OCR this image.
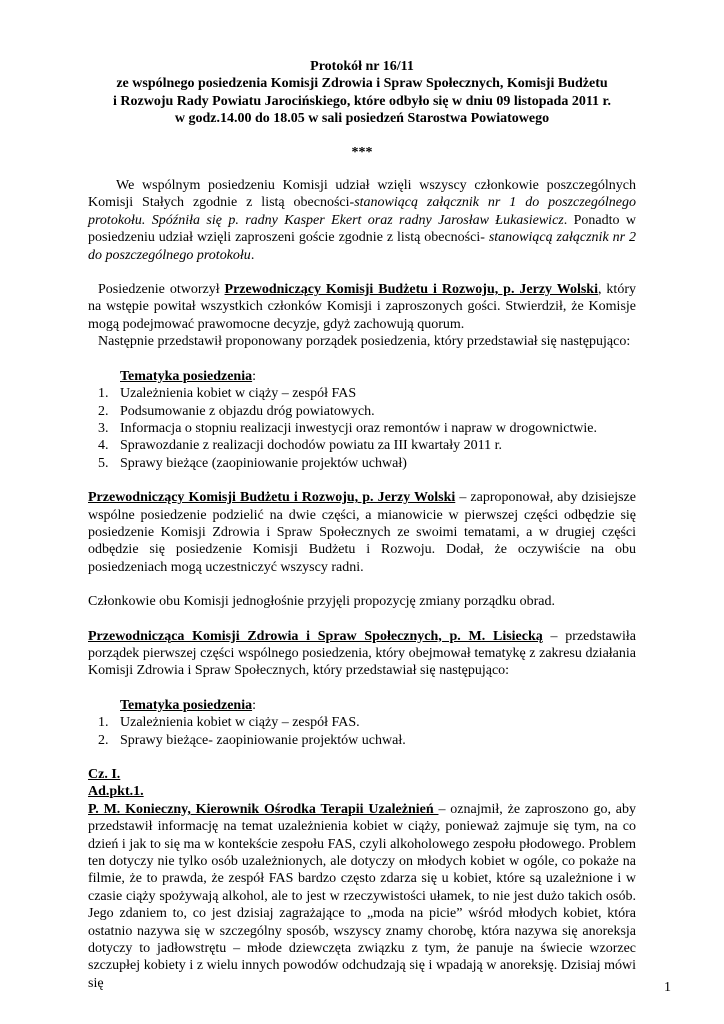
Protokół nr 16/11
ze wspólnego posiedzenia Komisji Zdrowia i Spraw Społecznych, Komisji Budżetu
i Rozwoju Rady Powiatu Jarocińskiego, które odbyło się w dniu 09 listopada 2011 r.
w godz.14.00 do 18.05 w sali posiedzeń Starostwa Powiatowego
***

We wspólnym posiedzeniu Komisji udział wzięli wszyscy członkowie poszczególnych Komisji Stałych zgodnie z listą obecności-stanowiącą załącznik nr 1 do poszczególnego protokołu. Spóźniła się p. radny Kasper Ekert oraz radny Jarosław Łukasiewicz. Ponadto w posiedzeniu udział wzięli zaproszeni goście zgodnie z listą obecności- stanowiącą załącznik nr 2 do poszczególnego protokołu.

Posiedzenie otworzył Przewodniczący Komisji Budżetu i Rozwoju, p. Jerzy Wolski, który na wstępie powitał wszystkich członków Komisji i zaproszonych gości. Stwierdził, że Komisje mogą podejmować prawomocne decyzje, gdyż zachowują quorum.

Następnie przedstawił proponowany porządek posiedzenia, który przedstawiał się następująco:

Tematyka posiedzenia:
1. Uzależnienia kobiet w ciąży – zespół FAS
2. Podsumowanie z objazdu dróg powiatowych.
3. Informacja o stopniu realizacji inwestycji oraz remontów i napraw w drogownictwie.
4. Sprawozdanie z realizacji dochodów powiatu za III kwartały 2011 r.
5. Sprawy bieżące (zaopiniowanie projektów uchwał)

Przewodniczący Komisji Budżetu i Rozwoju, p. Jerzy Wolski – zaproponował, aby dzisiejsze wspólne posiedzenie podzielić na dwie części, a mianowicie w pierwszej części odbędzie się posiedzenie Komisji Zdrowia i Spraw Społecznych ze swoimi tematami, a w drugiej części odbędzie się posiedzenie Komisji Budżetu i Rozwoju. Dodał, że oczywiście na obu posiedzeniach mogą uczestniczyć wszyscy radni.

Członkowie obu Komisji jednogłośnie przyjęli propozycję zmiany porządku obrad.

Przewodnicząca Komisji Zdrowia i Spraw Społecznych, p. M. Lisiecką – przedstawiła porządek pierwszej części wspólnego posiedzenia, który obejmował tematykę z zakresu działania Komisji Zdrowia i Spraw Społecznych, który przedstawiał się następująco:

Tematyka posiedzenia:
1. Uzależnienia kobiet w ciąży – zespół FAS.
2. Sprawy bieżące- zaopiniowanie projektów uchwał.
Cz. I.
Ad.pkt.1.

P. M. Konieczny, Kierownik Ośrodka Terapii Uzależnień – oznajmił, że zaproszono go, aby przedstawił informację na temat uzależnienia kobiet w ciąży, ponieważ zajmuje się tym, na co dzień i jak to się ma w kontekście zespołu FAS, czyli alkoholowego zespołu płodowego. Problem ten dotyczy nie tylko osób uzależnionych, ale dotyczy on młodych kobiet w ogóle, co pokaże na filmie, że to prawda, że zespół FAS bardzo często zdarza się u kobiet, które są uzależnione i w czasie ciąży spożywają alkohol, ale to jest w rzeczywistości ułamek, to nie jest dużo takich osób. Jego zdaniem to, co jest dzisiaj zagrażające to „moda na picie” wśród młodych kobiet, która ostatnio nazywa się w szczególny sposób, wszyscy znamy chorobę, która nazywa się anoreksja dotyczy to jadłowstrętu – młode dziewczęta związku z tym, że panuje na świecie wzorzec szczupłej kobiety i z wielu innych powodów odchudzają się i wpadają w anoreksję. Dzisiaj mówi się	1
